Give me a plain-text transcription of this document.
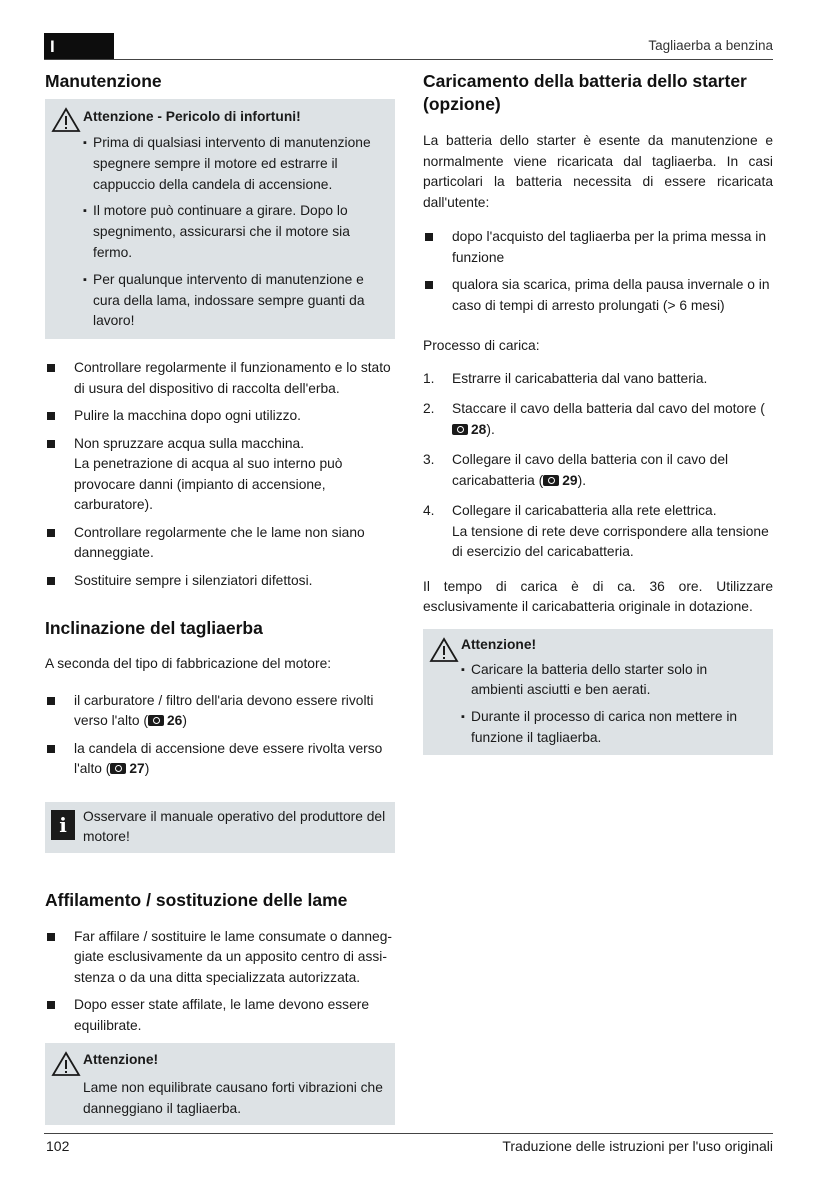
I	Tagliaerba a benzina
Manutenzione
Attenzione - Pericolo di infortuni!
▪ Prima di qualsiasi intervento di manutenzione spegnere sempre il motore ed estrarre il cappuccio della candela di accensione.
▪ Il motore può continuare a girare. Dopo lo spegnimento, assicurarsi che il motore sia fermo.
▪ Per qualunque intervento di manutenzione e cura della lama, indossare sempre guanti da lavoro!
Controllare regolarmente il funzionamento e lo stato di usura del dispositivo di raccolta dell'erba.
Pulire la macchina dopo ogni utilizzo.
Non spruzzare acqua sulla macchina.
La penetrazione di acqua al suo interno può provocare danni (impianto di accensione, carburatore).
Controllare regolarmente che le lame non siano danneggiate.
Sostituire sempre i silenziatori difettosi.
Inclinazione del tagliaerba

A seconda del tipo di fabbricazione del motore:

il carburatore / filtro dell'aria devono essere rivolti verso l'alto ( 26)
la candela di accensione deve essere rivolta verso l'alto ( 27)
i	Osservare il manuale operativo del produttore del motore!

Affilamento / sostituzione delle lame
Far affilare / sostituire le lame consumate o danneg-giate esclusivamente da un apposito centro di assi-stenza o da una ditta specializzata autorizzata.
Dopo esser state affilate, le lame devono essere equilibrate.
Attenzione!

Lame non equilibrate causano forti vibrazioni che danneggiano il tagliaerba.

Caricamento della batteria dello starter (opzione)

La batteria dello starter è esente da manutenzione e normalmente viene ricaricata dal tagliaerba. In casi particolari la batteria necessita di essere ricaricata dall'utente:

dopo l'acquisto del tagliaerba per la prima messa in funzione
qualora sia scarica, prima della pausa invernale o in caso di tempi di arresto prolungati (> 6 mesi)

Processo di carica:

1. Estrarre il caricabatteria dal vano batteria.
2. Staccare il cavo della batteria dal cavo del motore (28).
3. Collegare il cavo della batteria con il cavo del caricabatteria ( 29).
4. Collegare il caricabatteria alla rete elettrica.
La tensione di rete deve corrispondere alla tensione di esercizio del caricabatteria.

Il tempo di carica è di ca. 36 ore. Utilizzare esclusivamente il caricabatteria originale in dotazione.

Attenzione!
▪ Caricare la batteria dello starter solo in ambienti asciutti e ben aerati.
▪ Durante il processo di carica non mettere in funzione il tagliaerba.
102	Traduzione delle istruzioni per l'uso originali
